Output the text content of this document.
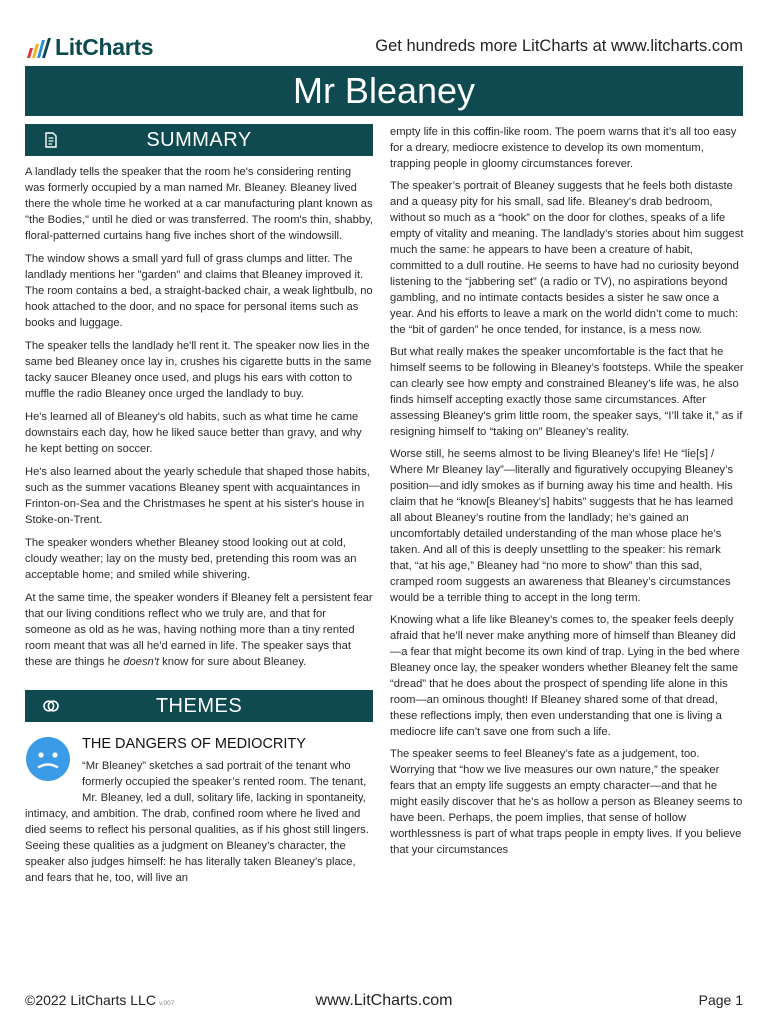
LitCharts	Get hundreds more LitCharts at www.litcharts.com
Mr Bleaney
SUMMARY

A landlady tells the speaker that the room he's considering renting was formerly occupied by a man named Mr. Bleaney. Bleaney lived there the whole time he worked at a car manufacturing plant known as "the Bodies," until he died or was transferred. The room's thin, shabby, floral-patterned curtains hang five inches short of the windowsill.

The window shows a small yard full of grass clumps and litter. The landlady mentions her "garden" and claims that Bleaney improved it. The room contains a bed, a straight-backed chair, a weak lightbulb, no hook attached to the door, and no space for personal items such as books and luggage.

The speaker tells the landlady he'll rent it. The speaker now lies in the same bed Bleaney once lay in, crushes his cigarette butts in the same tacky saucer Bleaney once used, and plugs his ears with cotton to muffle the radio Bleaney once urged the landlady to buy.

He's learned all of Bleaney's old habits, such as what time he came downstairs each day, how he liked sauce better than gravy, and why he kept betting on soccer.

He's also learned about the yearly schedule that shaped those habits, such as the summer vacations Bleaney spent with acquaintances in Frinton-on-Sea and the Christmases he spent at his sister's house in Stoke-on-Trent.

The speaker wonders whether Bleaney stood looking out at cold, cloudy weather; lay on the musty bed, pretending this room was an acceptable home; and smiled while shivering.

At the same time, the speaker wonders if Bleaney felt a persistent fear that our living conditions reflect who we truly are, and that for someone as old as he was, having nothing more than a tiny rented room meant that was all he'd earned in life. The speaker says that these are things he doesn't know for sure about Bleaney.

THEMES
THE DANGERS OF MEDIOCRITY

“Mr Bleaney” sketches a sad portrait of the tenant who formerly occupied the speaker’s rented room. The tenant, Mr. Bleaney, led a dull, solitary life, lacking in spontaneity, intimacy, and ambition. The drab, confined room where he lived and died seems to reflect his personal qualities, as if his ghost still lingers. Seeing these qualities as a judgment on Bleaney’s character, the speaker also judges himself: he has literally taken Bleaney’s place, and fears that he, too, will live an

empty life in this coffin-like room. The poem warns that it’s all too easy for a dreary, mediocre existence to develop its own momentum, trapping people in gloomy circumstances forever.

The speaker’s portrait of Bleaney suggests that he feels both distaste and a queasy pity for his small, sad life. Bleaney’s drab bedroom, without so much as a “hook” on the door for clothes, speaks of a life empty of vitality and meaning. The landlady’s stories about him suggest much the same: he appears to have been a creature of habit, committed to a dull routine. He seems to have had no curiosity beyond listening to the “jabbering set” (a radio or TV), no aspirations beyond gambling, and no intimate contacts besides a sister he saw once a year. And his efforts to leave a mark on the world didn’t come to much: the “bit of garden” he once tended, for instance, is a mess now.

But what really makes the speaker uncomfortable is the fact that he himself seems to be following in Bleaney’s footsteps. While the speaker can clearly see how empty and constrained Bleaney’s life was, he also finds himself accepting exactly those same circumstances. After assessing Bleaney’s grim little room, the speaker says, “I’ll take it,” as if resigning himself to “taking on” Bleaney’s reality.

Worse still, he seems almost to be living Bleaney’s life! He “lie[s] / Where Mr Bleaney lay”—literally and figuratively occupying Bleaney’s position—and idly smokes as if burning away his time and health. His claim that he “know[s Bleaney’s] habits” suggests that he has learned all about Bleaney’s routine from the landlady; he’s gained an uncomfortably detailed understanding of the man whose place he’s taken. And all of this is deeply unsettling to the speaker: his remark that, “at his age,” Bleaney had “no more to show” than this sad, cramped room suggests an awareness that Bleaney’s circumstances would be a terrible thing to accept in the long term.

Knowing what a life like Bleaney’s comes to, the speaker feels deeply afraid that he’ll never make anything more of himself than Bleaney did—a fear that might become its own kind of trap. Lying in the bed where Bleaney once lay, the speaker wonders whether Bleaney felt the same “dread” that he does about the prospect of spending life alone in this room—an ominous thought! If Bleaney shared some of that dread, these reflections imply, then even understanding that one is living a mediocre life can’t save one from such a life.

The speaker seems to feel Bleaney’s fate as a judgement, too. Worrying that “how we live measures our own nature,” the speaker fears that an empty life suggests an empty character—and that he might easily discover that he’s as hollow a person as Bleaney seems to have been. Perhaps, the poem implies, that sense of hollow worthlessness is part of what traps people in empty lives. If you believe that your circumstances

©2022 LitCharts LLC v.007	www.LitCharts.com	Page 1
